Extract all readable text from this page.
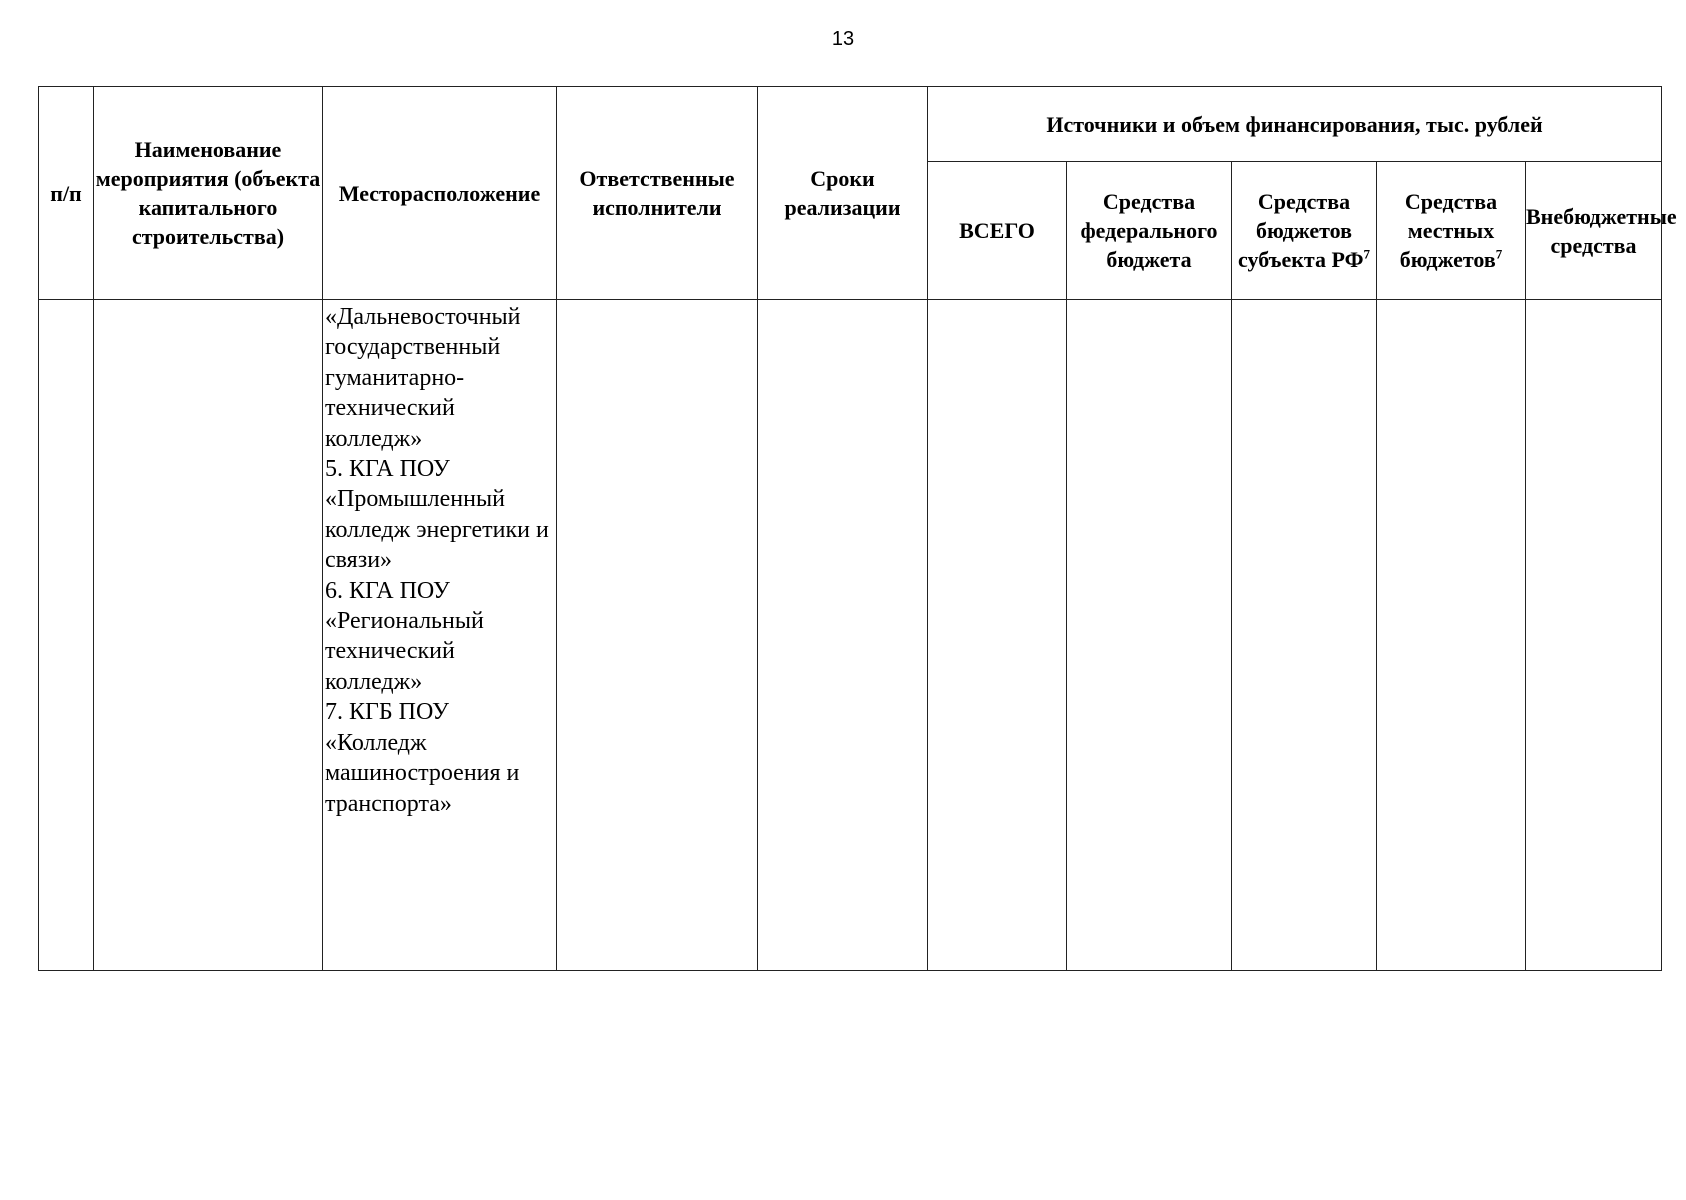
13
п/п	Наименование мероприятия (объекта капитального строительства)	Месторасположение	Ответственные исполнители	Сроки реализации	Источники и объем финансирования, тыс. рублей				
					ВСЕГО	Средства федерального бюджета	Средства бюджетов субъекта $РФ^7$	Средства местных бюджетов$^7$	Внебюджетные средства

		«Дальневосточный государственный гуманитарно-технический колледж»
5. КГА ПОУ «Промышленный колледж энергетики и связи»
6. КГА ПОУ «Региональный технический колледж»
7. КГБ ПОУ «Колледж машиностроения и транспорта»							
